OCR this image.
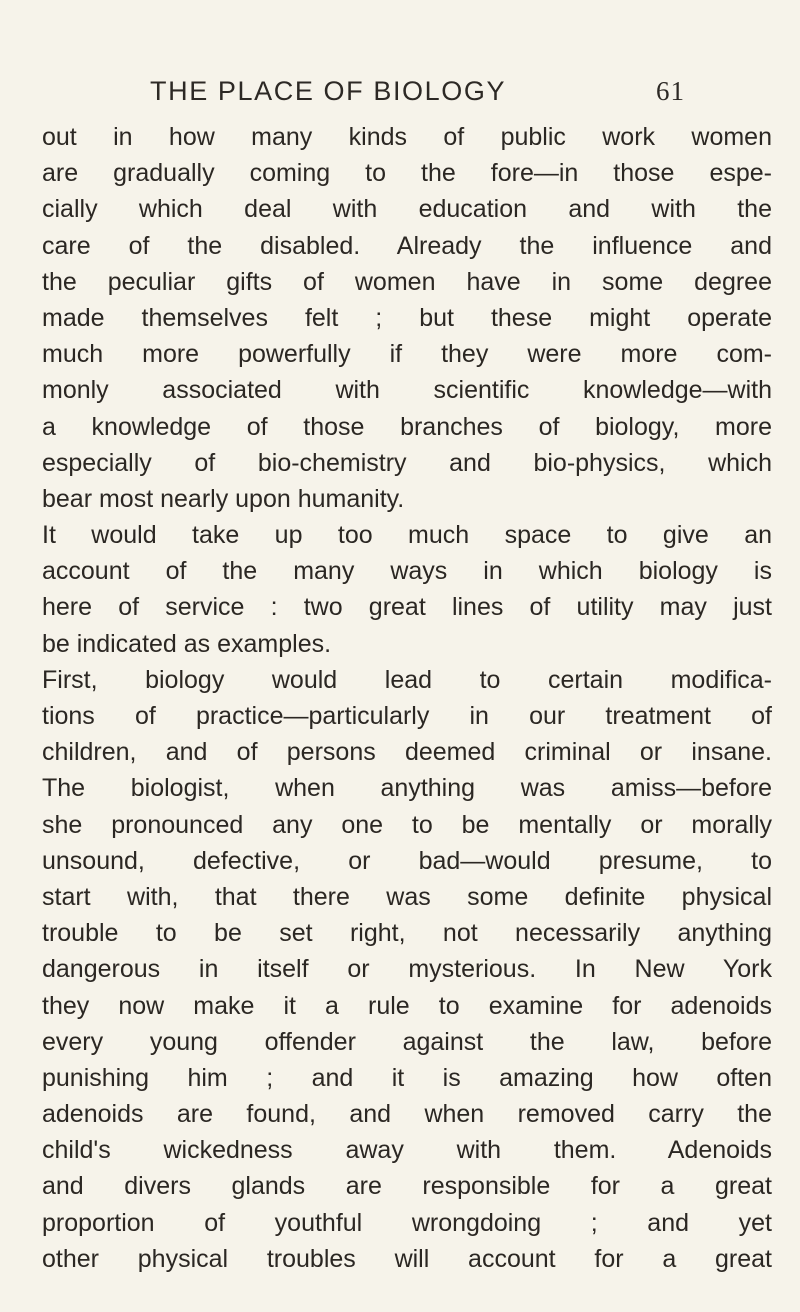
THE PLACE OF BIOLOGY	61
out in how many kinds of public work women
are gradually coming to the fore—in those espe-
cially which deal with education and with the
care of the disabled. Already the influence and
the peculiar gifts of women have in some degree
made themselves felt ; but these might operate
much more powerfully if they were more com-
monly associated with scientific knowledge—with
a knowledge of those branches of biology, more
especially of bio-chemistry and bio-physics, which
bear most nearly upon humanity.
It would take up too much space to give an
account of the many ways in which biology is
here of service : two great lines of utility may just
be indicated as examples.
First, biology would lead to certain modifica-
tions of practice—particularly in our treatment of
children, and of persons deemed criminal or insane.
The biologist, when anything was amiss—before
she pronounced any one to be mentally or morally
unsound, defective, or bad—would presume, to
start with, that there was some definite physical
trouble to be set right, not necessarily anything
dangerous in itself or mysterious. In New York
they now make it a rule to examine for adenoids
every young offender against the law, before
punishing him ; and it is amazing how often
adenoids are found, and when removed carry the
child's wickedness away with them. Adenoids
and divers glands are responsible for a great
proportion of youthful wrongdoing ; and yet
other physical troubles will account for a great
